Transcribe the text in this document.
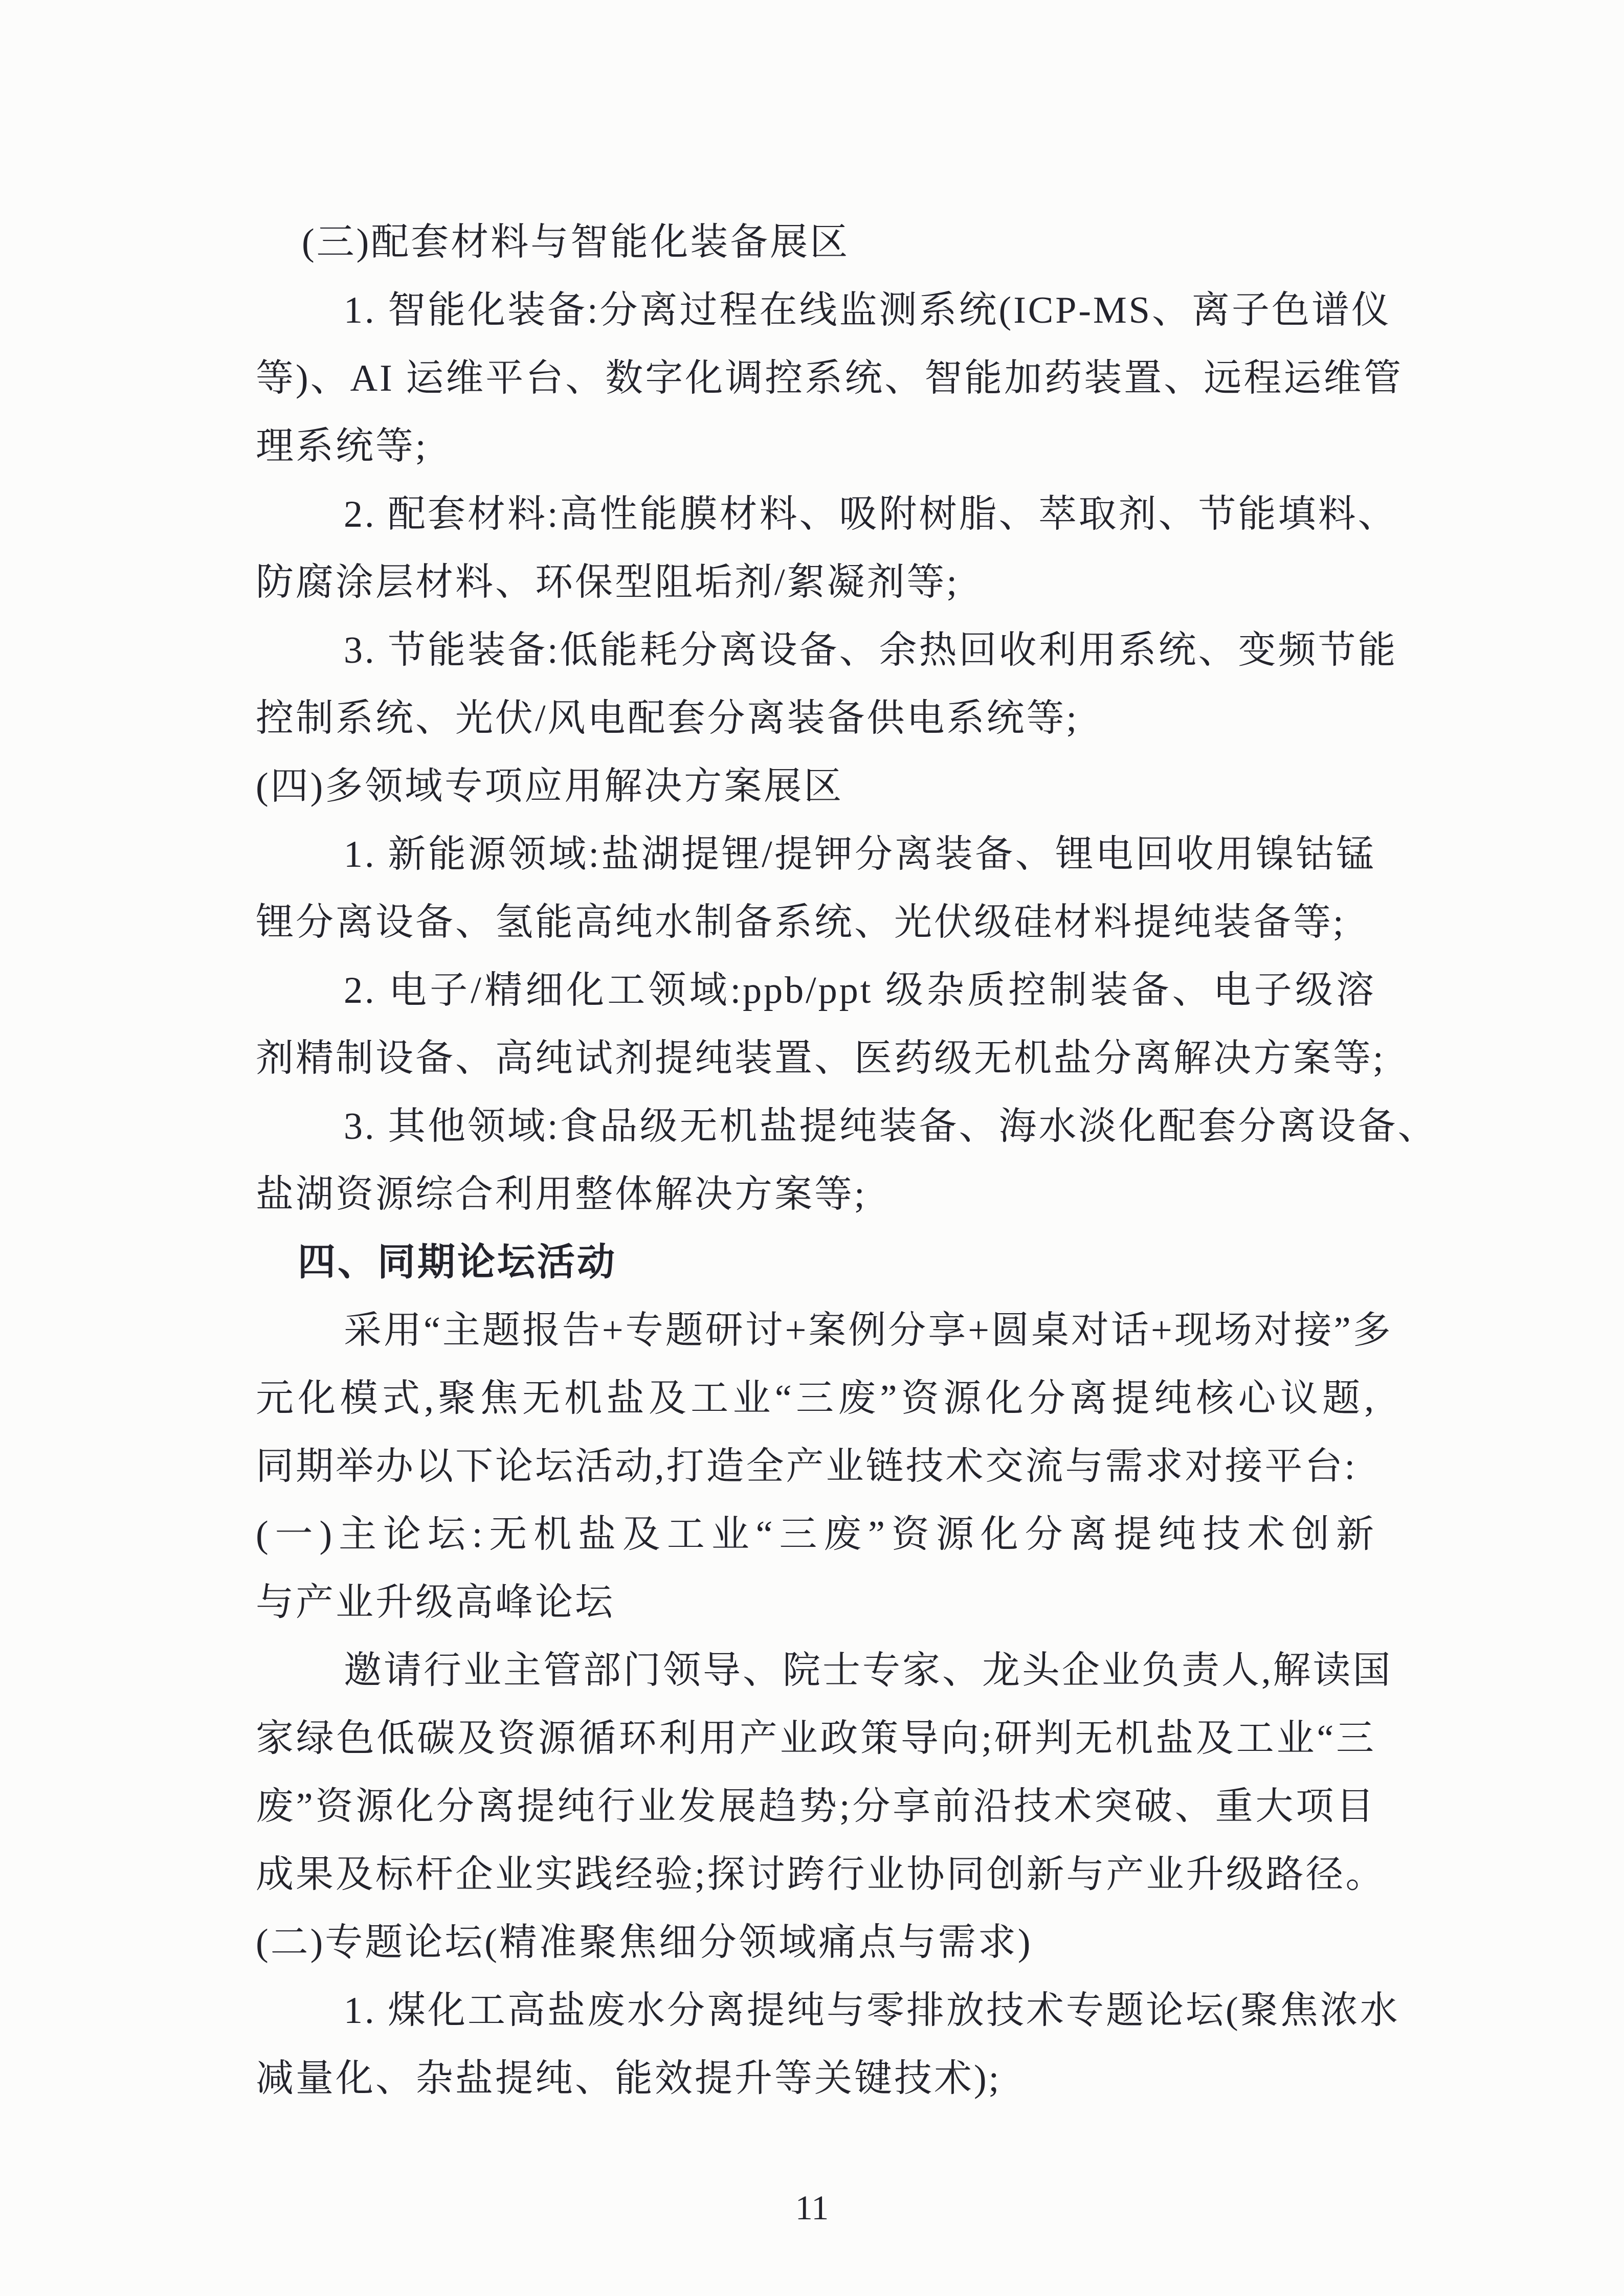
(三)配套材料与智能化装备展区
1. 智能化装备:分离过程在线监测系统(ICP-MS、离子色谱仪
等)、AI 运维平台、数字化调控系统、智能加药装置、远程运维管
理系统等;
2. 配套材料:高性能膜材料、吸附树脂、萃取剂、节能填料、
防腐涂层材料、环保型阻垢剂/絮凝剂等;
3. 节能装备:低能耗分离设备、余热回收利用系统、变频节能
控制系统、光伏/风电配套分离装备供电系统等;
(四)多领域专项应用解决方案展区
1. 新能源领域:盐湖提锂/提钾分离装备、锂电回收用镍钴锰
锂分离设备、氢能高纯水制备系统、光伏级硅材料提纯装备等;
2. 电子/精细化工领域:ppb/ppt 级杂质控制装备、电子级溶
剂精制设备、高纯试剂提纯装置、医药级无机盐分离解决方案等;
3. 其他领域:食品级无机盐提纯装备、海水淡化配套分离设备、
盐湖资源综合利用整体解决方案等;
四、同期论坛活动
采用“主题报告+专题研讨+案例分享+圆桌对话+现场对接”多
元化模式,聚焦无机盐及工业“三废”资源化分离提纯核心议题,
同期举办以下论坛活动,打造全产业链技术交流与需求对接平台:
(一)主论坛:无机盐及工业“三废”资源化分离提纯技术创新
与产业升级高峰论坛
邀请行业主管部门领导、院士专家、龙头企业负责人,解读国
家绿色低碳及资源循环利用产业政策导向;研判无机盐及工业“三
废”资源化分离提纯行业发展趋势;分享前沿技术突破、重大项目
成果及标杆企业实践经验;探讨跨行业协同创新与产业升级路径。
(二)专题论坛(精准聚焦细分领域痛点与需求)
1. 煤化工高盐废水分离提纯与零排放技术专题论坛(聚焦浓水
减量化、杂盐提纯、能效提升等关键技术);
11
